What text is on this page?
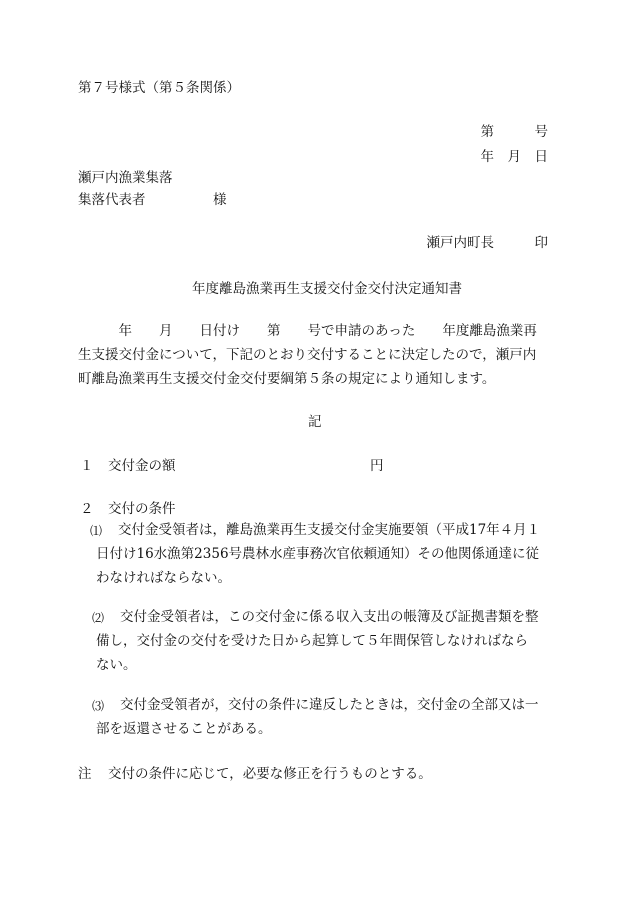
第７号様式（第５条関係）
第　　　号
年　月　日
瀬戸内漁業集落
集落代表者　　　　　様
瀬戸内町長　　　印
年度離島漁業再生支援交付金交付決定通知書
　　　年　　月　　日付け　　第　　号で申請のあった　　年度離島漁業再
生支援交付金について，下記のとおり交付することに決定したので，瀬戸内
町離島漁業再生支援交付金交付要綱第５条の規定により通知します。
記
１ 交付金の額	円
２ 交付の条件
⑴ 交付金受領者は，離島漁業再生支援交付金実施要領（平成17年４月１
日付け16水漁第2356号農林水産事務次官依頼通知）その他関係通達に従
わなければならない。
⑵ 交付金受領者は，この交付金に係る収入支出の帳簿及び証拠書類を整
備し，交付金の交付を受けた日から起算して５年間保管しなければなら
ない。
⑶ 交付金受領者が，交付の条件に違反したときは，交付金の全部又は一
部を返還させることがある。
注 交付の条件に応じて，必要な修正を行うものとする。
